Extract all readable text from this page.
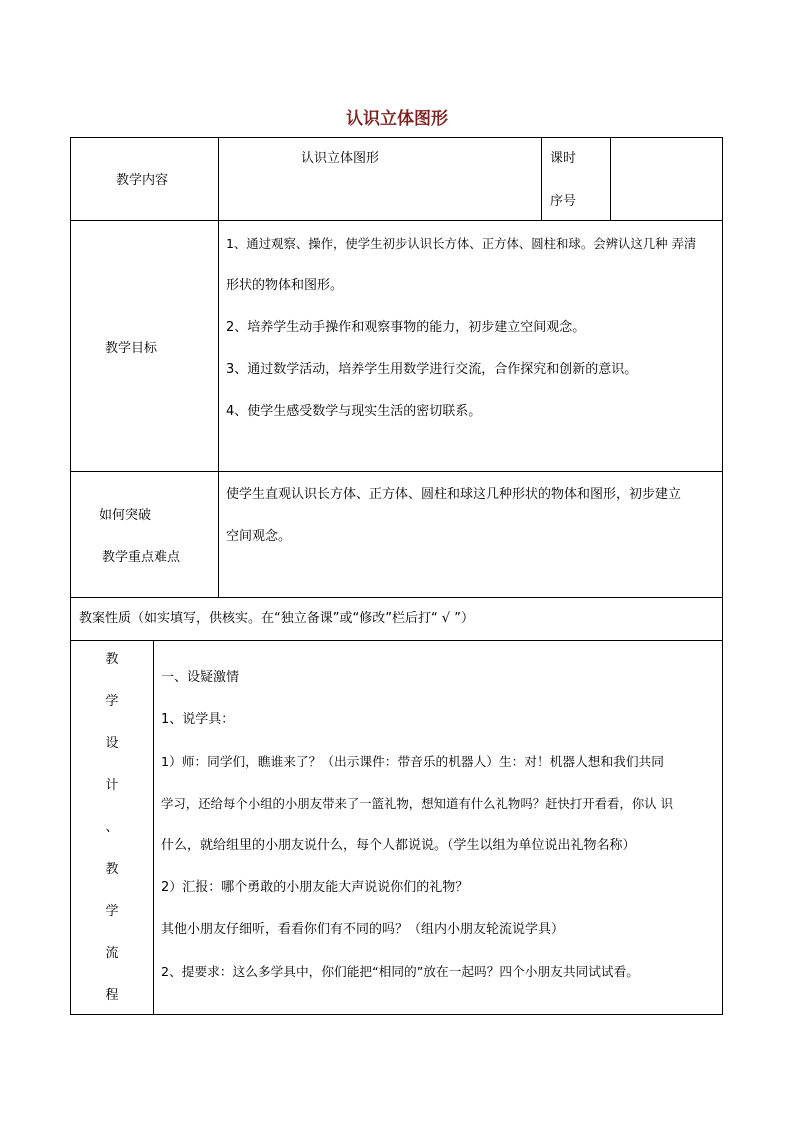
认识立体图形
教学内容
认识立体图形	课时
序号
教学目标
1、通过观察、操作，使学生初步认识长方体、正方体、圆柱和球。会辨认这几种 弄清
形状的物体和图形。
2、培养学生动手操作和观察事物的能力，初步建立空间观念。
3、通过数学活动，培养学生用数学进行交流，合作探究和创新的意识。
4、使学生感受数学与现实生活的密切联系。
如何突破
教学重点难点
使学生直观认识长方体、正方体、圆柱和球这几种形状的物体和图形，初步建立
空间观念。
教案性质（如实填写，供核实。在“独立备课”或“修改”栏后打“ √ ”）
教
学
设
计
、
教
学
流
程
一、设疑激情
1、说学具：
1）师：同学们，瞧谁来了？（出示课件：带音乐的机器人）生：对！机器人想和我们共同
学习，还给每个小组的小朋友带来了一篮礼物，想知道有什么礼物吗？赶快打开看看，你认 识
什么，就给组里的小朋友说什么，每个人都说说。（学生以组为单位说出礼物名称）
2）汇报：哪个勇敢的小朋友能大声说说你们的礼物？
其他小朋友仔细听，看看你们有不同的吗？（组内小朋友轮流说学具）
2、提要求：这么多学具中，你们能把“相同的”放在一起吗？四个小朋友共同试试看。
